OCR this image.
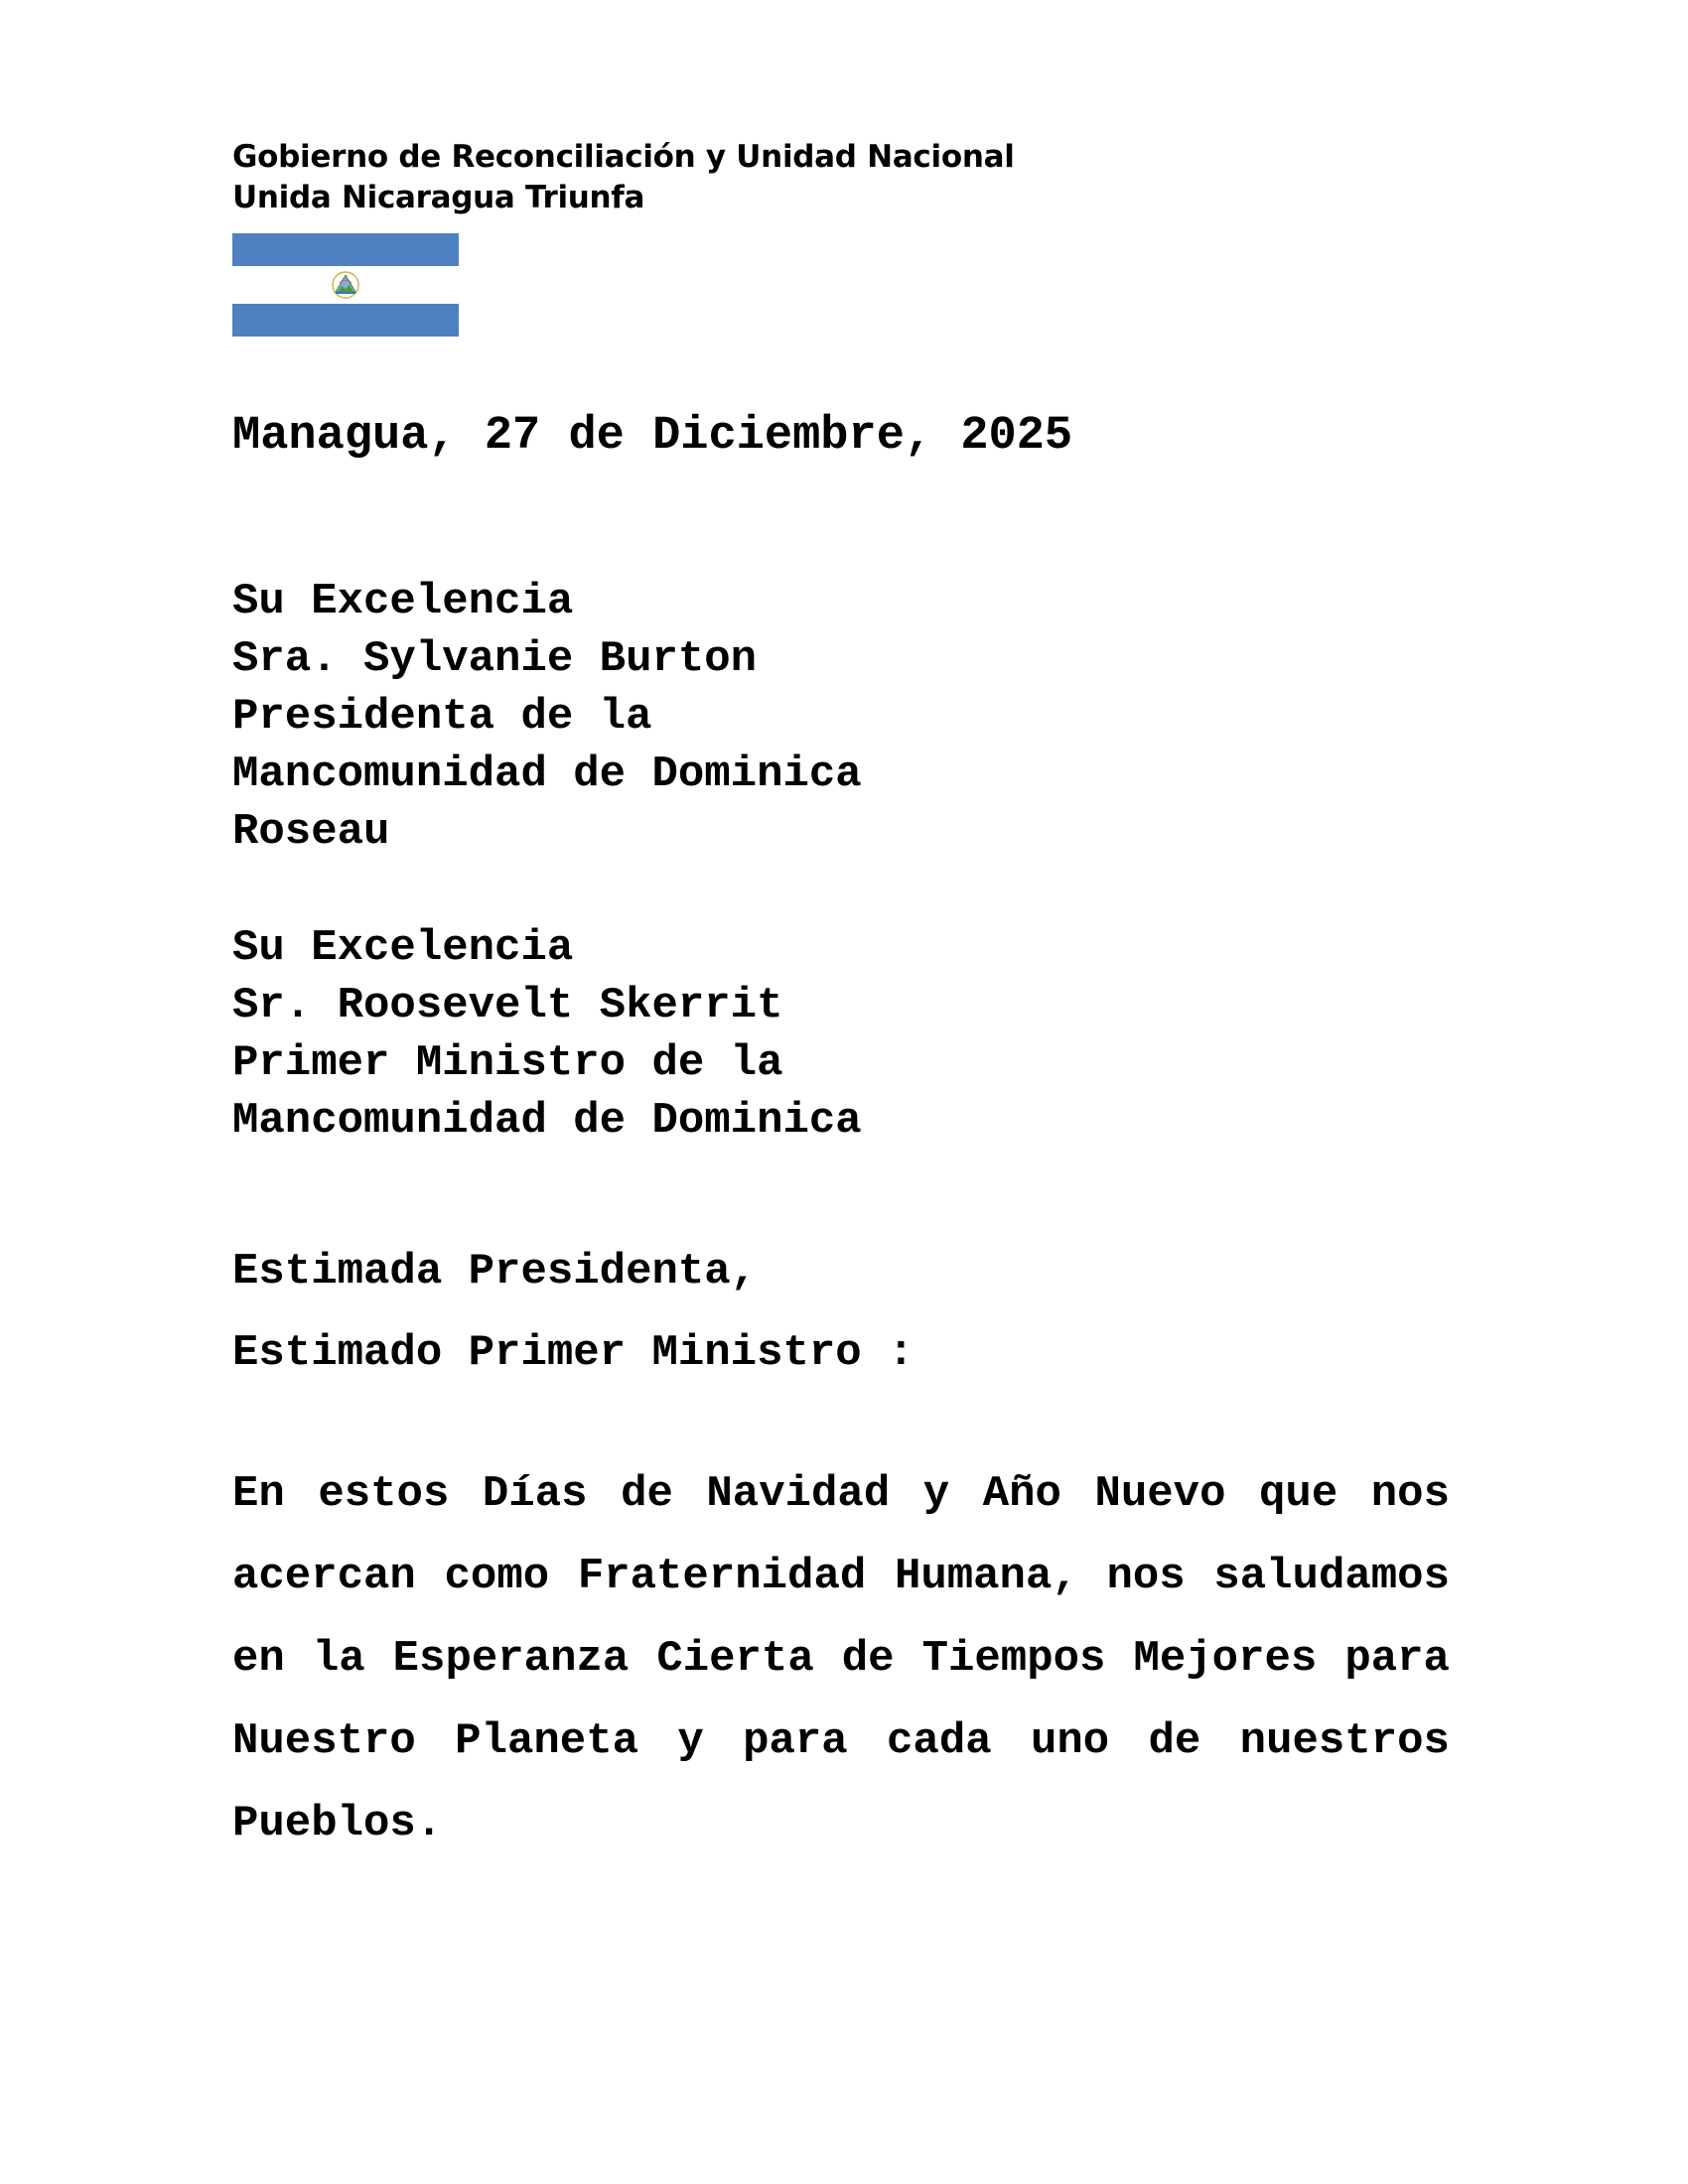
Gobierno de Reconciliación y Unidad Nacional
Unida Nicaragua Triunfa
Managua, 27 de Diciembre, 2025
Su Excelencia
Sra. Sylvanie Burton
Presidenta de la
Mancomunidad de Dominica
Roseau
Su Excelencia
Sr. Roosevelt Skerrit
Primer Ministro de la
Mancomunidad de Dominica
Estimada Presidenta,
Estimado Primer Ministro :
En estos Días de Navidad y Año Nuevo que nos
acercan como Fraternidad Humana, nos saludamos
en la Esperanza Cierta de Tiempos Mejores para
Nuestro Planeta y para cada uno de nuestros
Pueblos.
